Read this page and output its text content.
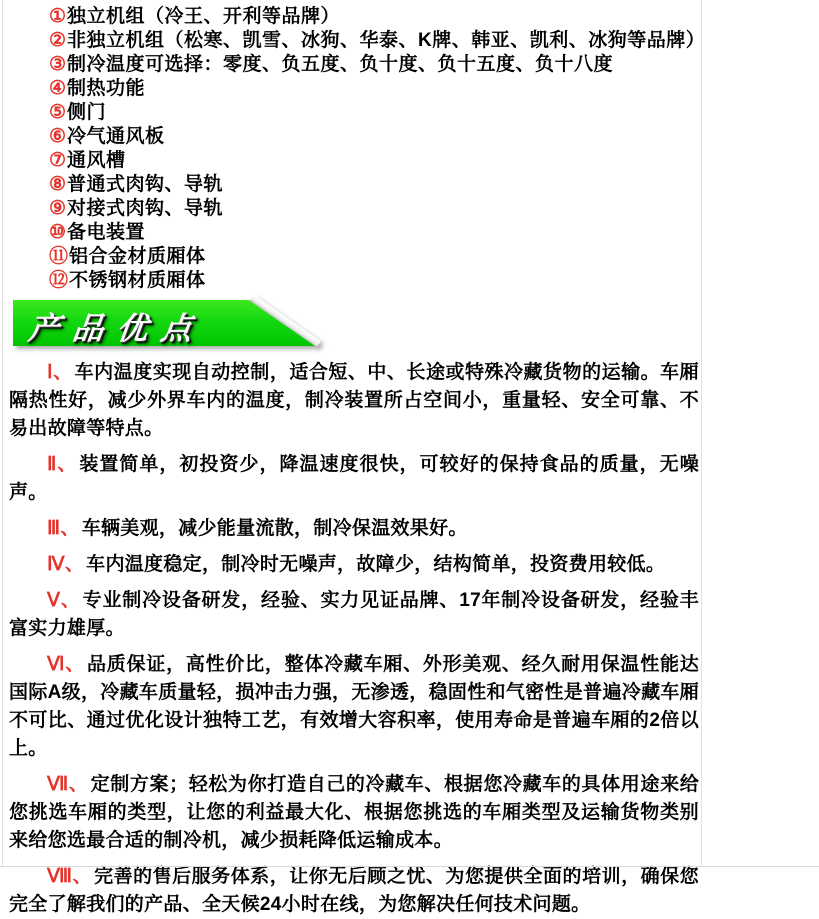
①独立机组（冷王、开利等品牌）
②非独立机组（松寒、凯雪、冰狗、华泰、K牌、韩亚、凯利、冰狗等品牌）
③制冷温度可选择：零度、负五度、负十度、负十五度、负十八度
④制热功能
⑤侧门
⑥冷气通风板
⑦通风槽
⑧普通式肉钩、导轨
⑨对接式肉钩、导轨
⑩备电装置
⑪铝合金材质厢体
⑫不锈钢材质厢体
产品优点

Ⅰ、 车内温度实现自动控制，适合短、中、长途或特殊冷藏货物的运输。车厢隔热性好，减少外界车内的温度，制冷装置所占空间小，重量轻、安全可靠、不易出故障等特点。

Ⅱ、 装置简单，初投资少，降温速度很快，可较好的保持食品的质量，无噪声。

Ⅲ、 车辆美观，减少能量流散，制冷保温效果好。

Ⅳ、 车内温度稳定，制冷时无噪声，故障少，结构简单，投资费用较低。

Ⅴ、 专业制冷设备研发，经验、实力见证品牌、17年制冷设备研发，经验丰富实力雄厚。

Ⅵ、 品质保证，高性价比，整体冷藏车厢、外形美观、经久耐用保温性能达国际A级，冷藏车质量轻，损冲击力强，无渗透，稳固性和气密性是普遍冷藏车厢不可比、通过优化设计独特工艺，有效增大容积率，使用寿命是普遍车厢的2倍以上。

Ⅶ、 定制方案；轻松为你打造自己的冷藏车、根据您冷藏车的具体用途来给您挑选车厢的类型，让您的利益最大化、根据您挑选的车厢类型及运输货物类别来给您选最合适的制冷机，减少损耗降低运输成本。

Ⅷ、 完善的售后服务体系，让你无后顾之忧、为您提供全面的培训，确保您完全了解我们的产品、全天候24小时在线，为您解决任何技术问题。
